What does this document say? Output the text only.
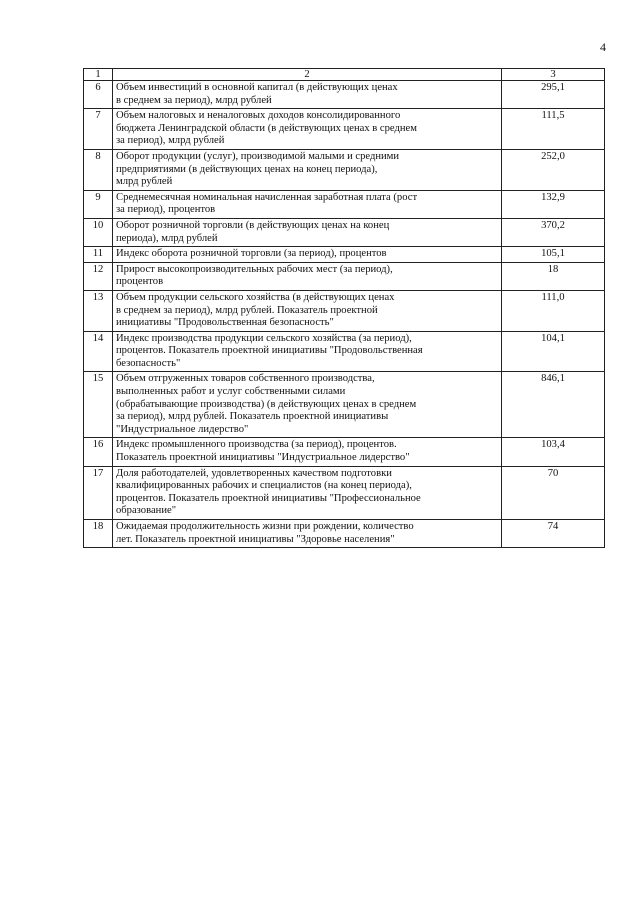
4
1	2	3
6	Объем инвестиций в основной капитал (в действующих ценах
в среднем за период), млрд рублей	295,1
7	Объем налоговых и неналоговых доходов консолидированного
бюджета Ленинградской области (в действующих ценах в среднем
за период), млрд рублей	111,5
8	Оборот продукции (услуг), производимой малыми и средними
предприятиями (в действующих ценах на конец периода),
млрд рублей	252,0
9	Среднемесячная номинальная начисленная заработная плата (рост
за период), процентов	132,9
10	Оборот розничной торговли (в действующих ценах на конец
периода), млрд рублей	370,2
11	Индекс оборота розничной торговли (за период), процентов	105,1
12	Прирост высокопроизводительных рабочих мест (за период),
процентов	18
13	Объем продукции сельского хозяйства (в действующих ценах
в среднем за период), млрд рублей. Показатель проектной
инициативы "Продовольственная безопасность"	111,0
14	Индекс производства продукции сельского хозяйства (за период),
процентов. Показатель проектной инициативы "Продовольственная
безопасность"	104,1
15	Объем отгруженных товаров собственного производства,
выполненных работ и услуг собственными силами
(обрабатывающие производства) (в действующих ценах в среднем
за период), млрд рублей. Показатель проектной инициативы
"Индустриальное лидерство"	846,1
16	Индекс промышленного производства (за период), процентов.
Показатель проектной инициативы "Индустриальное лидерство"	103,4
17	Доля работодателей, удовлетворенных качеством подготовки
квалифицированных рабочих и специалистов (на конец периода),
процентов. Показатель проектной инициативы "Профессиональное
образование"	70
18	Ожидаемая продолжительность жизни при рождении, количество
лет. Показатель проектной инициативы "Здоровье населения"	74
